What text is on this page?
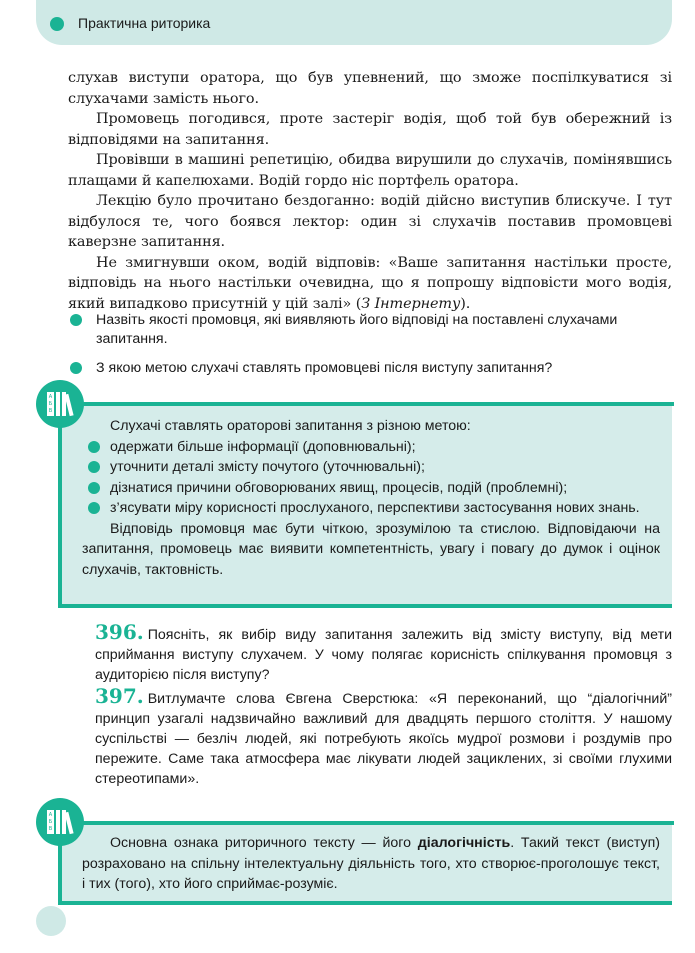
Практична риторика

слухав виступи оратора, що був упевнений, що зможе поспілкуватися зі слухачами замість нього.

Промовець погодився, проте застеріг водія, щоб той був обережний із відповідями на запитання.

Провівши в машині репетицію, обидва вирушили до слухачів, помінявшись плащами й капелюхами. Водій гордо ніс портфель оратора.

Лекцію було прочитано бездоганно: водій дійсно виступив блискуче. І тут відбулося те, чого боявся лектор: один зі слухачів поставив промовцеві каверзне запитання.

Не змигнувши оком, водій відповів: «Ваше запитання настільки просте, відповідь на нього настільки очевидна, що я попрошу відповісти мого водія, який випадково присутній у цій залі» (З Інтернету).

Назвіть якості промовця, які виявляють його відповіді на поставлені слухачами запитання.
З якою метою слухачі ставлять промовцеві після виступу запитання?

Слухачі ставлять ораторові запитання з різною метою:

одержати більше інформації (доповнювальні);
уточнити деталі змісту почутого (уточнювальні);
дізнатися причини обговорюваних явищ, процесів, подій (проблемні);
з’ясувати міру корисності прослуханого, перспективи застосування нових знань.

Відповідь промовця має бути чіткою, зрозумілою та стислою. Відповідаючи на запитання, промовець має виявити компетентність, увагу і повагу до думок і оцінок слухачів, тактовність.

А
Б
В
396. Поясніть, як вибір виду запитання залежить від змісту виступу, від мети сприймання виступу слухачем. У чому полягає корисність спілкування промовця з аудиторією після виступу?
397. Витлумачте слова Євгена Сверстюка: «Я переконаний, що “діалогічний” принцип узагалі надзвичайно важливий для двадцять першого століття. У нашому суспільстві — безліч людей, які потребують якоїсь мудрої розмови і роздумів про пережите. Саме така атмосфера має лікувати людей зациклених, зі своїми глухими стереотипами».

Основна ознака риторичного тексту — його діалогічність. Такий текст (виступ) розраховано на спільну інтелектуальну діяльність того, хто створює-проголошує текст, і тих (того), хто його сприймає-розуміє.

А
Б
В
